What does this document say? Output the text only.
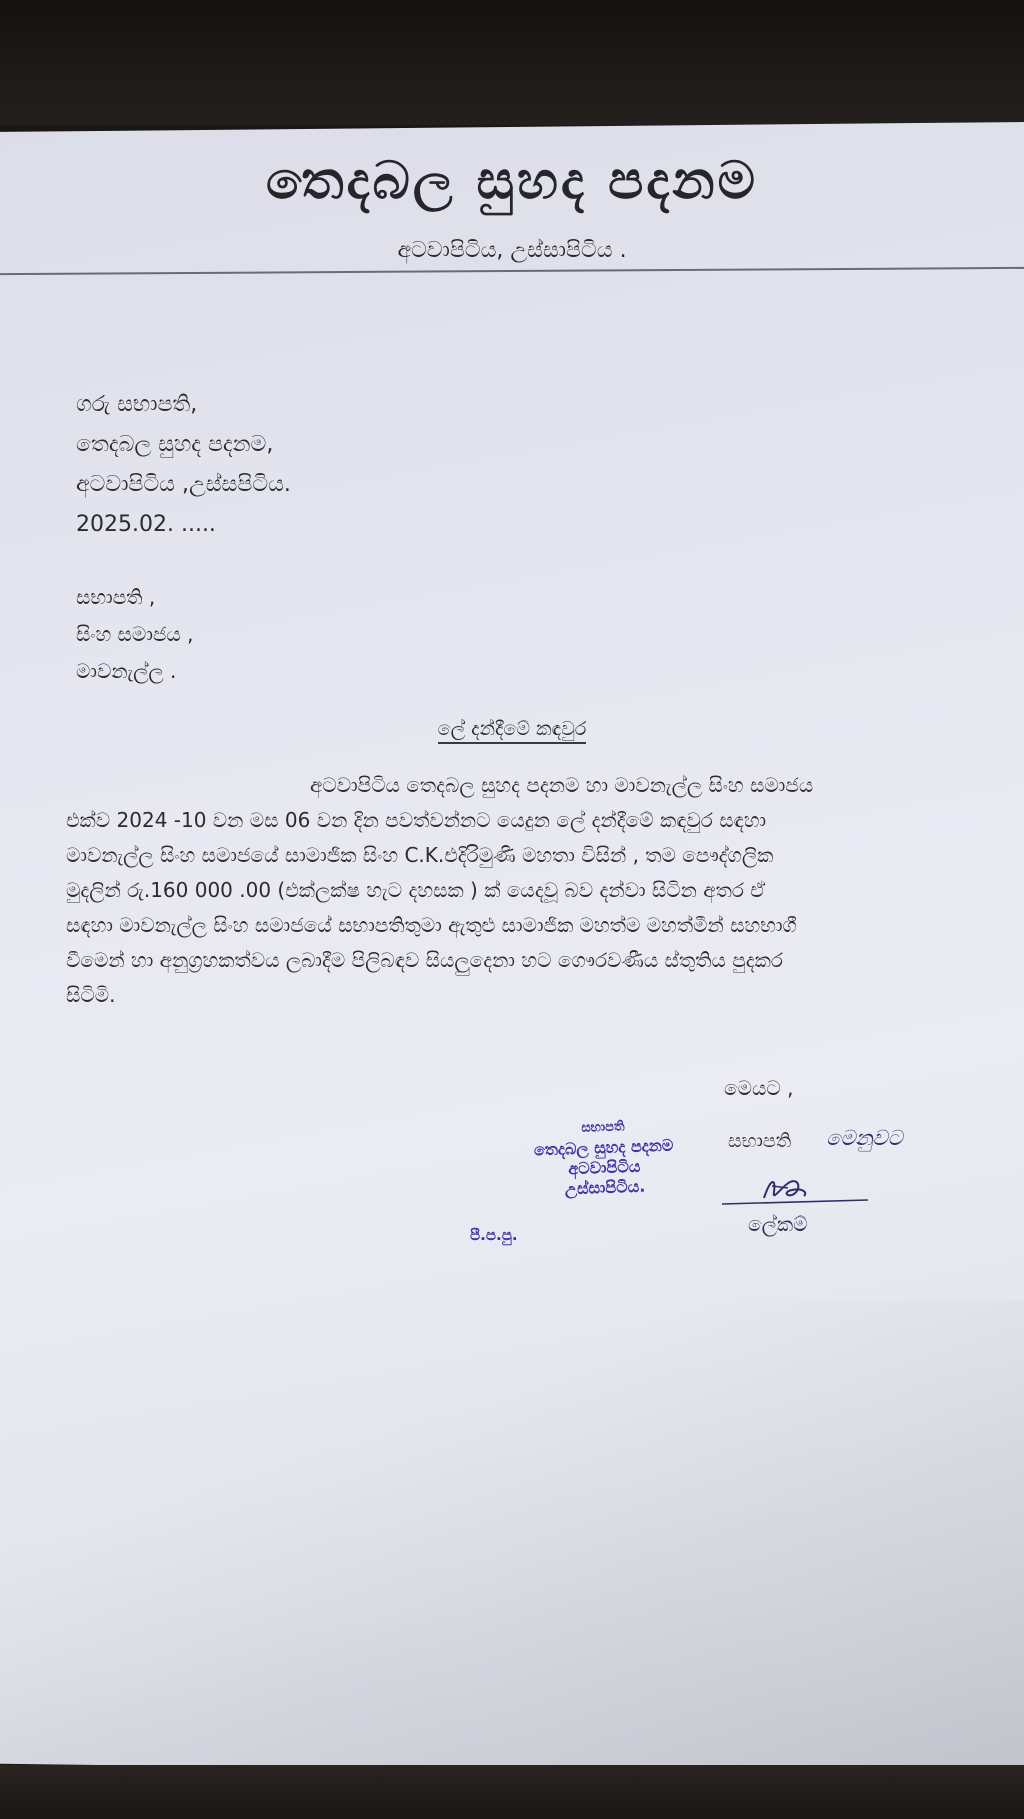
තෙදබල සුහද පදනම
අටවාපිටිය, උස්සාපිටිය .
ගරු සභාපති,
තෙදබල සුහද පදනම,
අටවාපිටිය ,උස්සපිටිය.
2025.02. .....
සභාපති ,
සිංහ සමාජය ,
මාවනැල්ල .
ලේ දන්දීමේ කඳවුර
අටවාපිටිය තෙදබල සුහද පදනම හා මාවනැල්ල සිංහ සමාජය
එක්ව 2024 -10 වන මස 06 වන දින පවත්වන්නට යෙදුන ලේ දන්දීමේ කඳවුර සඳහා
මාවනැල්ල සිංහ සමාජයේ සාමාජික සිංහ C.K.එදිරිමුණි මහතා විසින් , තම පෞද්ගලික
මුදලින් රු.160 000 .00 (එක්ලක්ෂ හැට දහසක ) ක් යෙදවූ බව දන්වා සිටින අතර ඒ
සඳහා මාවනැල්ල සිංහ සමාජයේ සභාපතිතුමා ඇතුළු සාමාජික මහත්ම මහත්මීන් සහභාගී
වීමෙන් හා අනුග්‍රහකත්වය ලබාදීම පිලිබඳව සියලුදෙනා හට ගෞරවණීය ස්තුතිය පුදකර
සිටිමි.
මෙයට ,
සභාපති මෙනුවට
සභාපති
තෙදබල සුහද පදනම
අටවාපිටිය
උස්සාපිටිය.
පී.ප.පු.	ලේකම්
